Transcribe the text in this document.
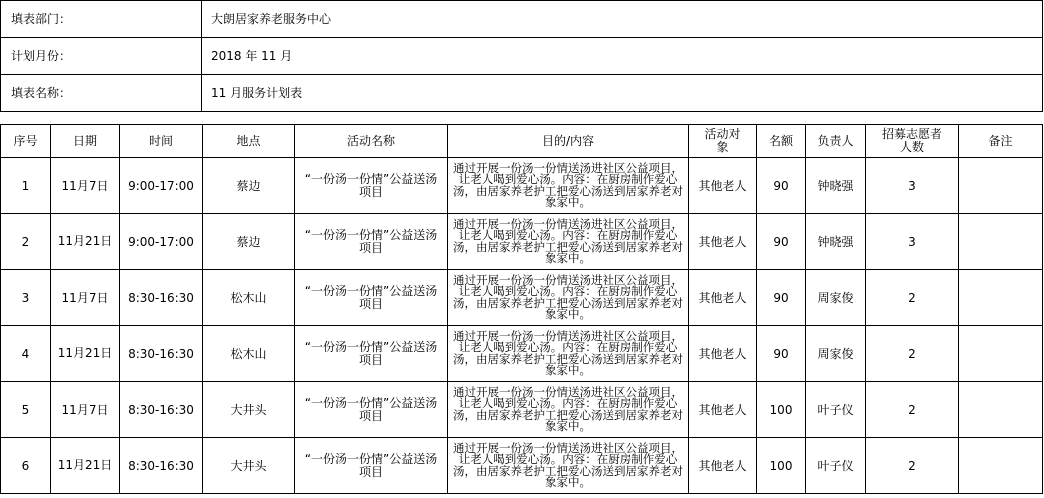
填表部门：	大朗居家养老服务中心
计划月份：	2018 年 11 月
填表名称：	11 月服务计划表
序号	日期	时间	地点	活动名称	目的/内容	活动对象	名额	负责人	招募志愿者人数	备注
1	11月7日	9:00-17:00	蔡边	“一份汤一份情”公益送汤项目	通过开展一份汤一份情送汤进社区公益项目，让老人喝到爱心汤。内容：在厨房制作爱心汤，由居家养老护工把爱心汤送到居家养老对象家中。	其他老人	90	钟晓强	3	
2	11月21日	9:00-17:00	蔡边	“一份汤一份情”公益送汤项目	通过开展一份汤一份情送汤进社区公益项目，让老人喝到爱心汤。内容：在厨房制作爱心汤，由居家养老护工把爱心汤送到居家养老对象家中。	其他老人	90	钟晓强	3	
3	11月7日	8:30-16:30	松木山	“一份汤一份情”公益送汤项目	通过开展一份汤一份情送汤进社区公益项目，让老人喝到爱心汤。内容：在厨房制作爱心汤，由居家养老护工把爱心汤送到居家养老对象家中。	其他老人	90	周家俊	2	
4	11月21日	8:30-16:30	松木山	“一份汤一份情”公益送汤项目	通过开展一份汤一份情送汤进社区公益项目，让老人喝到爱心汤。内容：在厨房制作爱心汤，由居家养老护工把爱心汤送到居家养老对象家中。	其他老人	90	周家俊	2	
5	11月7日	8:30-16:30	大井头	“一份汤一份情”公益送汤项目	通过开展一份汤一份情送汤进社区公益项目，让老人喝到爱心汤。内容：在厨房制作爱心汤，由居家养老护工把爱心汤送到居家养老对象家中。	其他老人	100	叶子仪	2	
6	11月21日	8:30-16:30	大井头	“一份汤一份情”公益送汤项目	通过开展一份汤一份情送汤进社区公益项目，让老人喝到爱心汤。内容：在厨房制作爱心汤，由居家养老护工把爱心汤送到居家养老对象家中。	其他老人	100	叶子仪	2	
